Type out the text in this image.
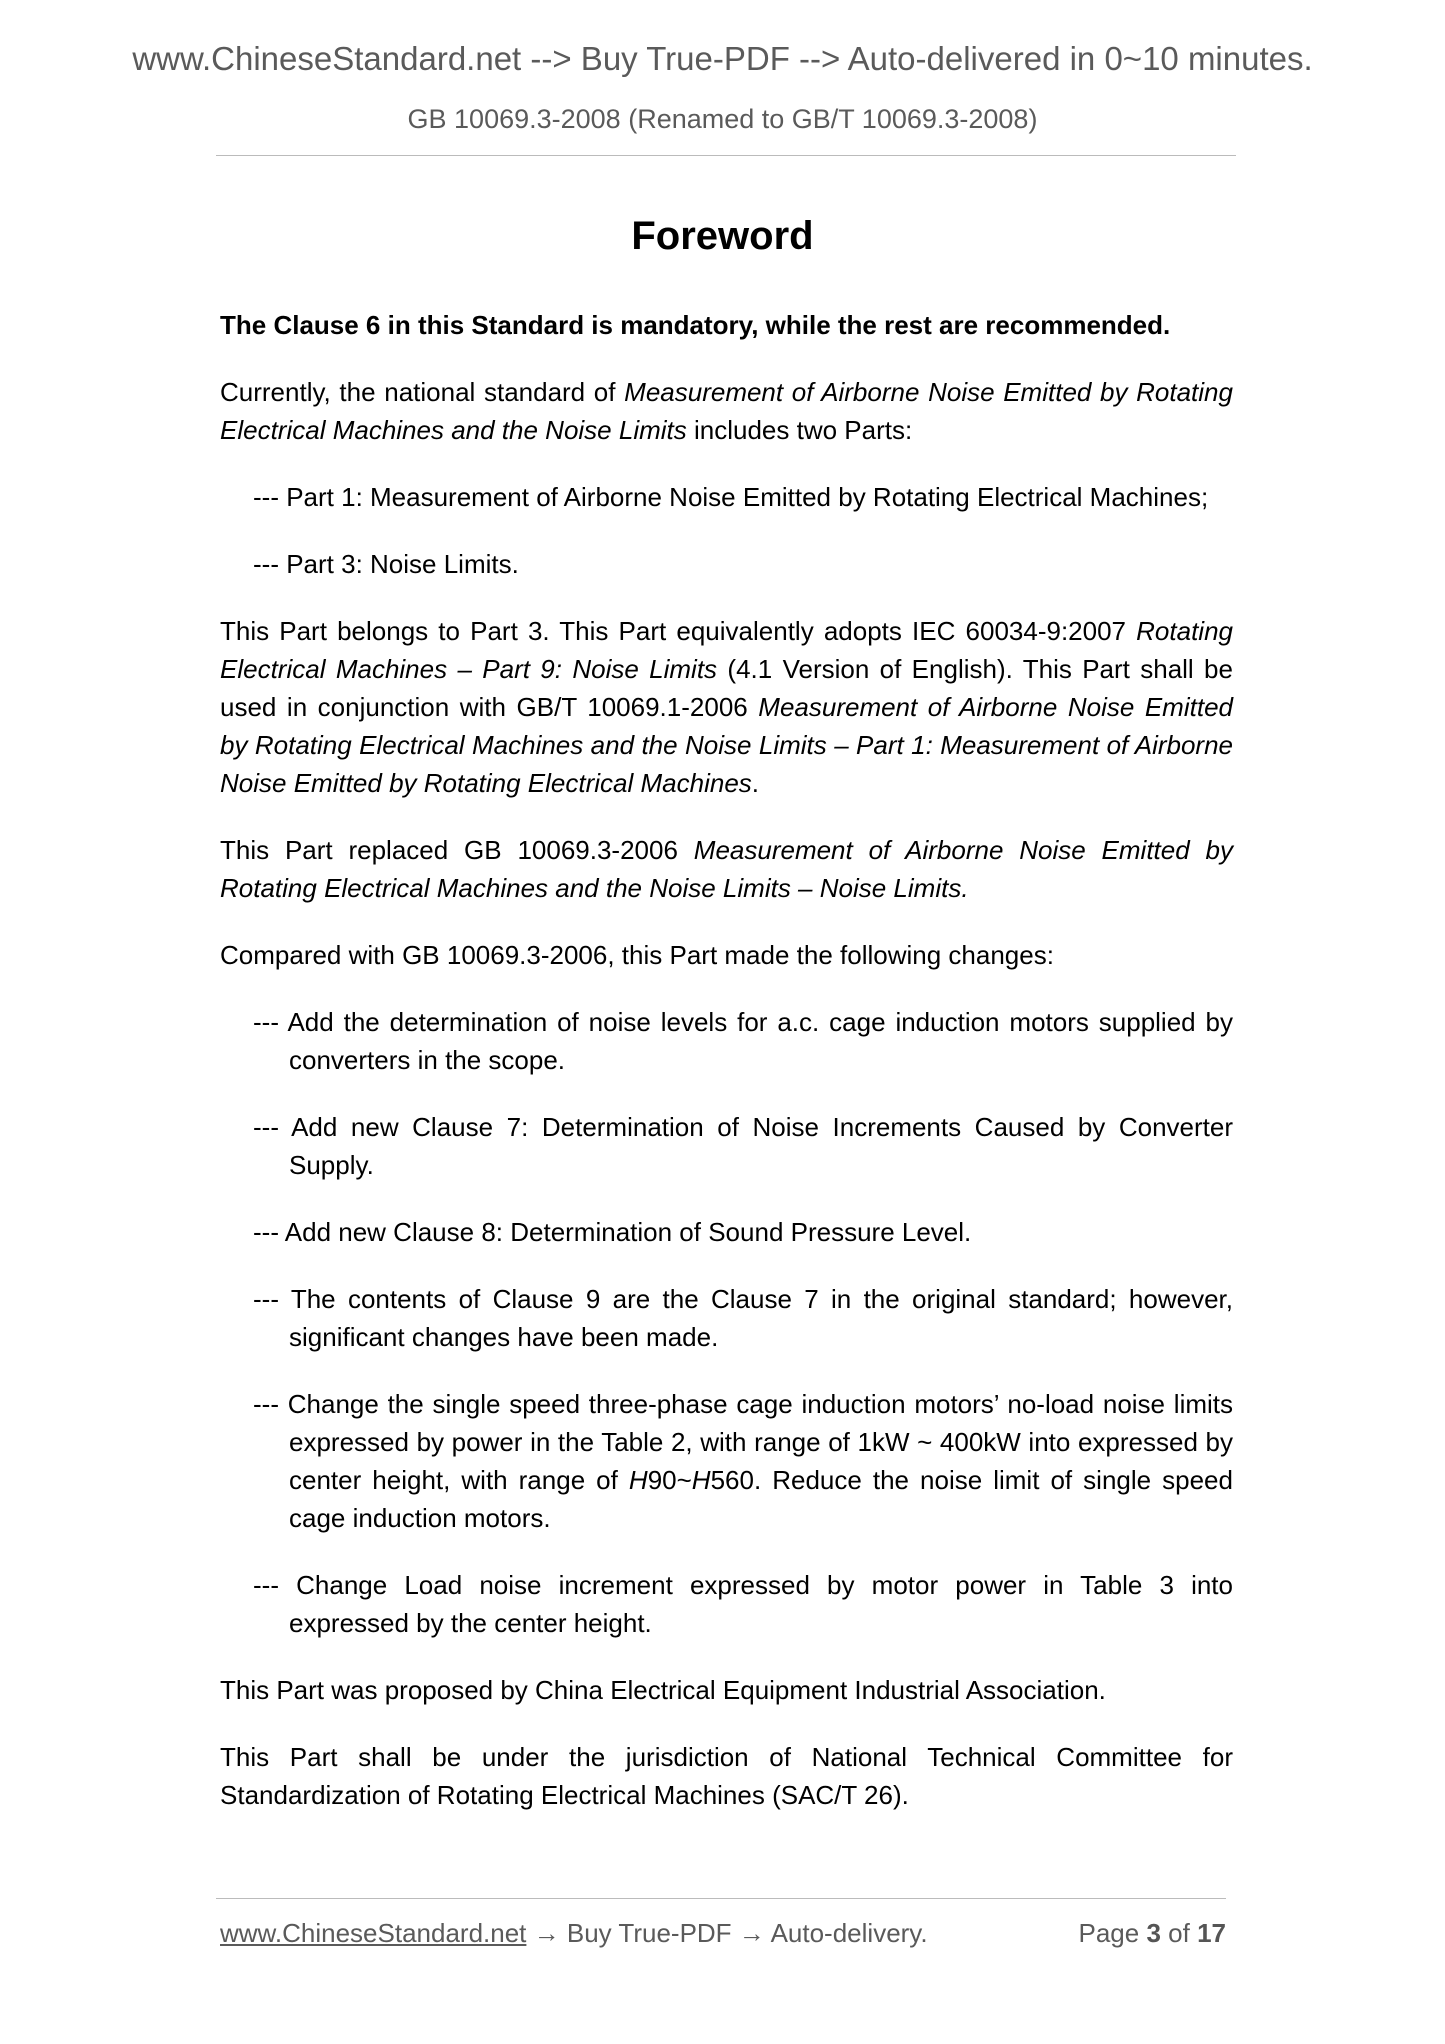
www.ChineseStandard.net --> Buy True-PDF --> Auto-delivered in 0~10 minutes.
GB 10069.3-2008 (Renamed to GB/T 10069.3-2008)
Foreword

The Clause 6 in this Standard is mandatory, while the rest are recommended.

Currently, the national standard of Measurement of Airborne Noise Emitted by Rotating Electrical Machines and the Noise Limits includes two Parts:

--- Part 1: Measurement of Airborne Noise Emitted by Rotating Electrical Machines;
--- Part 3: Noise Limits.

This Part belongs to Part 3. This Part equivalently adopts IEC 60034-9:2007 Rotating Electrical Machines – Part 9: Noise Limits (4.1 Version of English). This Part shall be used in conjunction with GB/T 10069.1-2006 Measurement of Airborne Noise Emitted by Rotating Electrical Machines and the Noise Limits – Part 1: Measurement of Airborne Noise Emitted by Rotating Electrical Machines.

This Part replaced GB 10069.3-2006 Measurement of Airborne Noise Emitted by Rotating Electrical Machines and the Noise Limits – Noise Limits.

Compared with GB 10069.3-2006, this Part made the following changes:

--- Add the determination of noise levels for a.c. cage induction motors supplied by converters in the scope.
--- Add new Clause 7: Determination of Noise Increments Caused by Converter Supply.
--- Add new Clause 8: Determination of Sound Pressure Level.
--- The contents of Clause 9 are the Clause 7 in the original standard; however, significant changes have been made.
--- Change the single speed three-phase cage induction motors’ no-load noise limits expressed by power in the Table 2, with range of 1kW ~ 400kW into expressed by center height, with range of H90~H560. Reduce the noise limit of single speed cage induction motors.
--- Change Load noise increment expressed by motor power in Table 3 into expressed by the center height.

This Part was proposed by China Electrical Equipment Industrial Association.

This Part shall be under the jurisdiction of National Technical Committee for Standardization of Rotating Electrical Machines (SAC/T 26).

www.ChineseStandard.net → Buy True-PDF → Auto-delivery.	Page 3 of 17
